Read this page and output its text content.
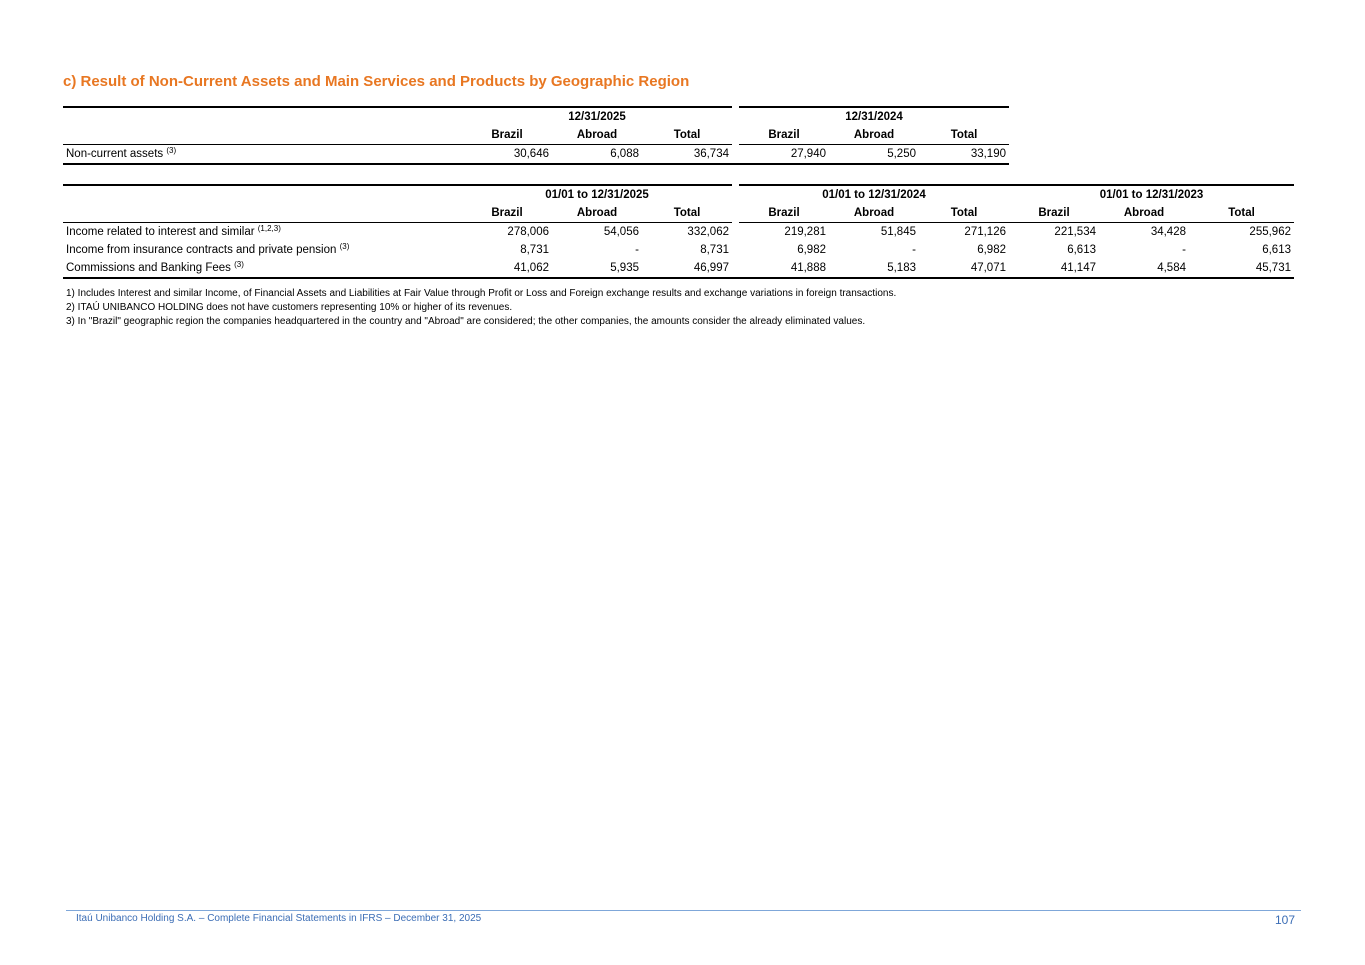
c) Result of Non-Current Assets and Main Services and Products by Geographic Region
	12/31/2025				12/31/2024		
	Brazil	Abroad	Total		Brazil	Abroad	Total
Non-current assets $^{(3)}$	30,646	6,088	36,734		27,940	5,250	33,190
	01/01 to 12/31/2025				01/01 to 12/31/2024			01/01 to 12/31/2023		
	Brazil	Abroad	Total		Brazil	Abroad	Total	Brazil	Abroad	Total
Income related to interest and similar $^{(1,2,3)}$	278,006	54,056	332,062		219,281	51,845	271,126	221,534	34,428	255,962
Income from insurance contracts and private pension $^{(3)}$	8,731	-	8,731		6,982	-	6,982	6,613	-	6,613
Commissions and Banking Fees $^{(3)}$	41,062	5,935	46,997		41,888	5,183	47,071	41,147	4,584	45,731
1) Includes Interest and similar Income, of Financial Assets and Liabilities at Fair Value through Profit or Loss and Foreign exchange results and exchange variations in foreign transactions.
2) ITAÚ UNIBANCO HOLDING does not have customers representing 10% or higher of its revenues.
3) In "Brazil" geographic region the companies headquartered in the country and "Abroad" are considered; the other companies, the amounts consider the already eliminated values.
Itaú Unibanco Holding S.A. – Complete Financial Statements in IFRS – December 31, 2025	107
